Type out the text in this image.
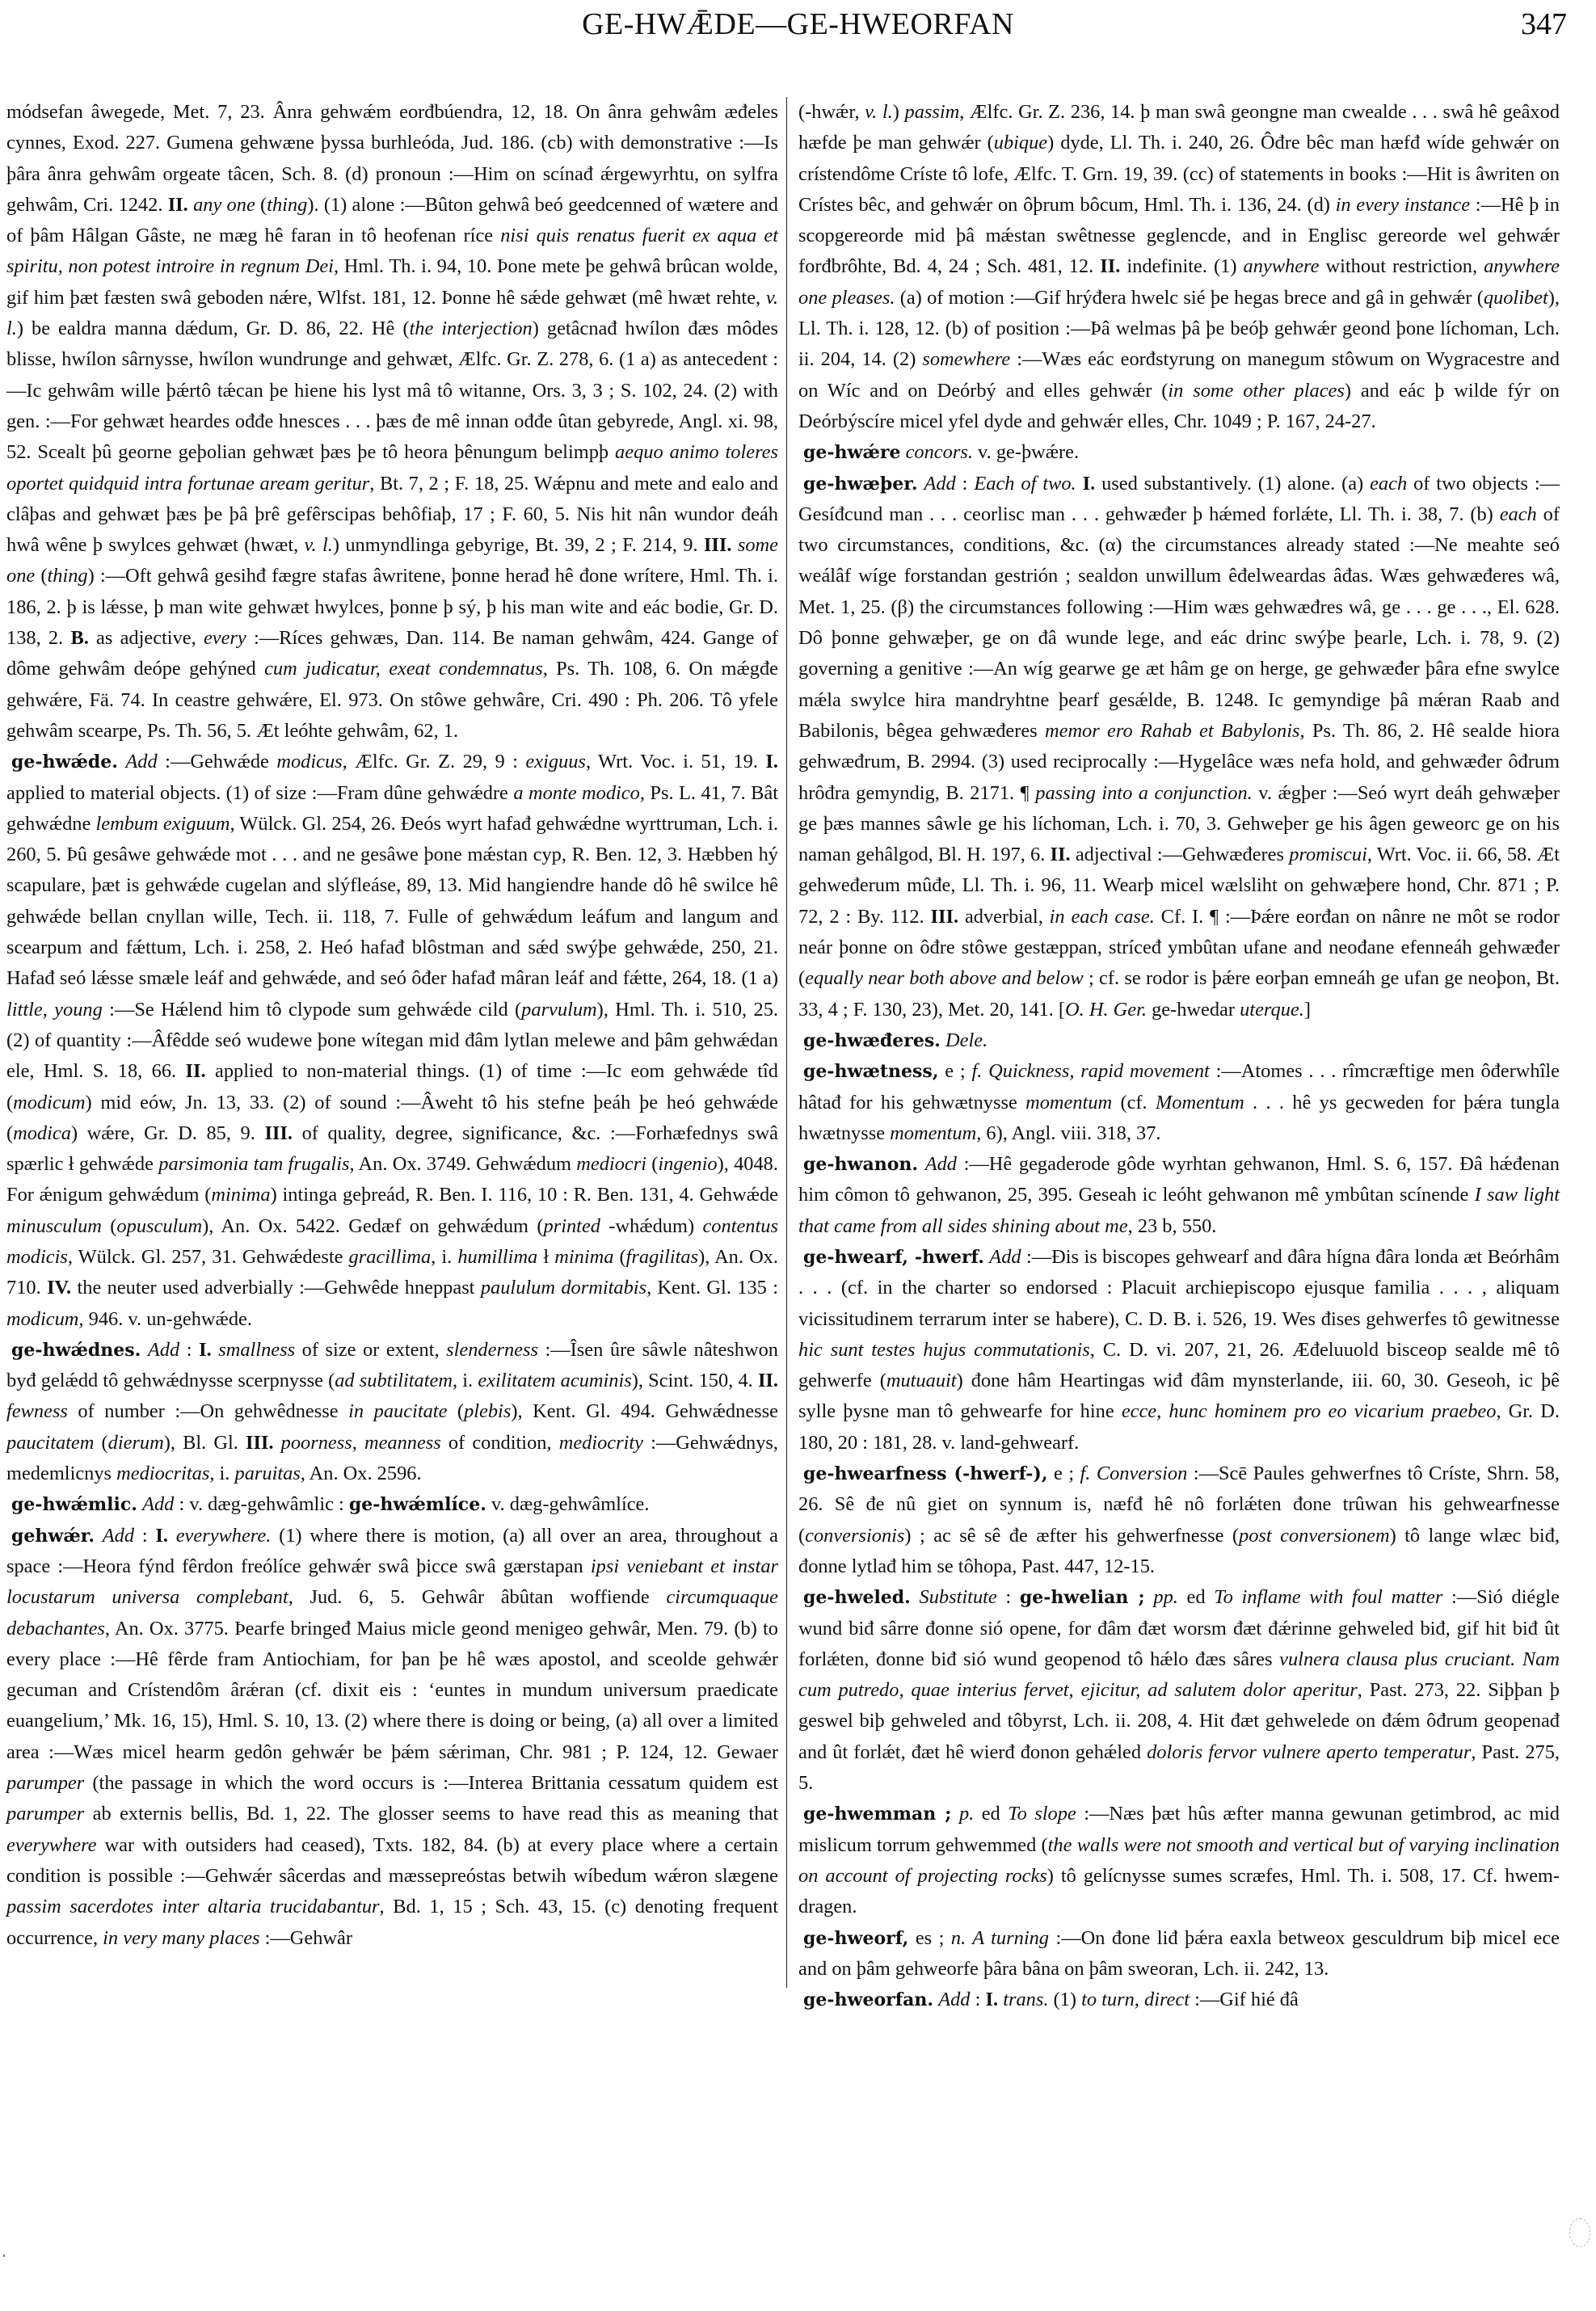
GE-HWǢDE—GE-HWEORFAN	347

módsefan âwegede, Met. 7, 23. Ânra gehwǽm eorđbúendra, 12, 18. On ânra gehwâm æđeles cynnes, Exod. 227. Gumena gehwæne þyssa burhleóda, Jud. 186. (cb) with demonstrative :—Is þâra ânra gehwâm orgeate tâcen, Sch. 8. (d) pronoun :—Him on scínađ ǽrgewyrhtu, on sylfra gehwâm, Cri. 1242. II. any one (thing). (1) alone :—Bûton gehwâ beó geedcenned of wætere and of þâm Hâlgan Gâste, ne mæg hê faran in tô heofenan ríce nisi quis renatus fuerit ex aqua et spiritu, non potest introire in regnum Dei, Hml. Th. i. 94, 10. Þone mete þe gehwâ brûcan wolde, gif him þæt fæsten swâ geboden nǽre, Wlfst. 181, 12. Þonne hê sǽde gehwæt (mê hwæt rehte, v. l.) be ealdra manna dǽdum, Gr. D. 86, 22. Hê (the interjection) getâcnađ hwílon đæs môdes blisse, hwílon sârnysse, hwílon wundrunge and gehwæt, Ælfc. Gr. Z. 278, 6. (1 a) as antecedent :—Ic gehwâm wille þǽrtô tǽcan þe hiene his lyst mâ tô witanne, Ors. 3, 3 ; S. 102, 24. (2) with gen. :—For gehwæt heardes ođđe hnesces . . . þæs đe mê innan ođđe ûtan gebyrede, Angl. xi. 98, 52. Scealt þû georne geþolian gehwæt þæs þe tô heora þênungum belimpþ aequo animo toleres oportet quidquid intra fortunae aream geritur, Bt. 7, 2 ; F. 18, 25. Wǽpnu and mete and ealo and clâþas and gehwæt þæs þe þâ þrê gefêrscipas behôfiaþ, 17 ; F. 60, 5. Nis hit nân wundor đeáh hwâ wêne þ swylces gehwæt (hwæt, v. l.) unmyndlinga gebyrige, Bt. 39, 2 ; F. 214, 9. III. some one (thing) :—Oft gehwâ gesihđ fægre stafas âwritene, þonne herađ hê đone wrítere, Hml. Th. i. 186, 2. þ is lǽsse, þ man wite gehwæt hwylces, þonne þ sý, þ his man wite and eác bodie, Gr. D. 138, 2. B. as adjective, every :—Ríces gehwæs, Dan. 114. Be naman gehwâm, 424. Gange of dôme gehwâm deópe gehýned cum judicatur, exeat condemnatus, Ps. Th. 108, 6. On mǽgđe gehwǽre, Fä. 74. In ceastre gehwǽre, El. 973. On stôwe gehwâre, Cri. 490 : Ph. 206. Tô yfele gehwâm scearpe, Ps. Th. 56, 5. Æt leóhte gehwâm, 62, 1.

ge-hwǽde. Add :—Gehwǽde modicus, Ælfc. Gr. Z. 29, 9 : exiguus, Wrt. Voc. i. 51, 19. I. applied to material objects. (1) of size :—Fram dûne gehwǽdre a monte modico, Ps. L. 41, 7. Bât gehwǽdne lembum exiguum, Wülck. Gl. 254, 26. Đeós wyrt hafađ gehwǽdne wyrttruman, Lch. i. 260, 5. Þû gesâwe gehwǽde mot . . . and ne gesâwe þone mǽstan cyp, R. Ben. 12, 3. Hæbben hý scapulare, þæt is gehwǽde cugelan and slýfleáse, 89, 13. Mid hangiendre hande dô hê swilce hê gehwǽde bellan cnyllan wille, Tech. ii. 118, 7. Fulle of gehwǽdum leáfum and langum and scearpum and fǽttum, Lch. i. 258, 2. Heó hafađ blôstman and sǽd swýþe gehwǽde, 250, 21. Hafađ seó lǽsse smæle leáf and gehwǽde, and seó ôđer hafađ mâran leáf and fǽtte, 264, 18. (1 a) little, young :—Se Hǽlend him tô clypode sum gehwǽde cild (parvulum), Hml. Th. i. 510, 25. (2) of quantity :—Âfêdde seó wudewe þone wítegan mid đâm lytlan melewe and þâm gehwǽdan ele, Hml. S. 18, 66. II. applied to non-material things. (1) of time :—Ic eom gehwǽde tîd (modicum) mid eów, Jn. 13, 33. (2) of sound :—Âweht tô his stefne þeáh þe heó gehwǽde (modica) wǽre, Gr. D. 85, 9. III. of quality, degree, significance, &c. :—Forhæfednys swâ spærlic ł gehwǽde parsimonia tam frugalis, An. Ox. 3749. Gehwǽdum mediocri (ingenio), 4048. For ǽnigum gehwǽdum (minima) intinga geþreád, R. Ben. I. 116, 10 : R. Ben. 131, 4. Gehwǽde minusculum (opusculum), An. Ox. 5422. Gedæf on gehwǽdum (printed -whǽdum) contentus modicis, Wülck. Gl. 257, 31. Gehwǽdeste gracillima, i. humillima ł minima (fragilitas), An. Ox. 710. IV. the neuter used adverbially :—Gehwêde hneppast paululum dormitabis, Kent. Gl. 135 : modicum, 946. v. un-gehwǽde.

ge-hwǽdnes. Add : I. smallness of size or extent, slenderness :—Îsen ûre sâwle nâteshwon byđ gelǽdd tô gehwǽdnysse scerpnysse (ad subtilitatem, i. exilitatem acuminis), Scint. 150, 4. II. fewness of number :—On gehwêdnesse in paucitate (plebis), Kent. Gl. 494. Gehwǽdnesse paucitatem (dierum), Bl. Gl. III. poorness, meanness of condition, mediocrity :—Gehwǽdnys, medemlicnys mediocritas, i. paruitas, An. Ox. 2596.

ge-hwǽmlic. Add : v. dæg-gehwâmlic : ge-hwǽmlíce. v. dæg-gehwâmlíce.

gehwǽr. Add : I. everywhere. (1) where there is motion, (a) all over an area, throughout a space :—Heora fýnd fêrdon freólíce gehwǽr swâ þicce swâ gærstapan ipsi veniebant et instar locustarum universa complebant, Jud. 6, 5. Gehwâr âbûtan woffiende circumquaque debachantes, An. Ox. 3775. Þearfe bringeđ Maius micle geond menigeo gehwâr, Men. 79. (b) to every place :—Hê fêrde fram Antiochiam, for þan þe hê wæs apostol, and sceolde gehwǽr gecuman and Crístendôm ârǽran (cf. dixit eis : ‘euntes in mundum universum praedicate euangelium,’ Mk. 16, 15), Hml. S. 10, 13. (2) where there is doing or being, (a) all over a limited area :—Wæs micel hearm gedôn gehwǽr be þǽm sǽriman, Chr. 981 ; P. 124, 12. Gewaer parumper (the passage in which the word occurs is :—Interea Brittania cessatum quidem est parumper ab externis bellis, Bd. 1, 22. The glosser seems to have read this as meaning that everywhere war with outsiders had ceased), Txts. 182, 84. (b) at every place where a certain condition is possible :—Gehwǽr sâcerdas and mæssepreóstas betwih wíbedum wǽron slægene passim sacerdotes inter altaria trucidabantur, Bd. 1, 15 ; Sch. 43, 15. (c) denoting frequent occurrence, in very many places :—Gehwâr

(-hwǽr, v. l.) passim, Ælfc. Gr. Z. 236, 14. þ man swâ geongne man cwealde . . . swâ hê geâxod hæfde þe man gehwǽr (ubique) dyde, Ll. Th. i. 240, 26. Ôđre bêc man hæfđ wíde gehwǽr on crístendôme Críste tô lofe, Ælfc. T. Grn. 19, 39. (cc) of statements in books :—Hit is âwriten on Crístes bêc, and gehwǽr on ôþrum bôcum, Hml. Th. i. 136, 24. (d) in every instance :—Hê þ in scopgereorde mid þâ mǽstan swêtnesse geglencde, and in Englisc gereorde wel gehwǽr forđbrôhte, Bd. 4, 24 ; Sch. 481, 12. II. indefinite. (1) anywhere without restriction, anywhere one pleases. (a) of motion :—Gif hrýđera hwelc sié þe hegas brece and gâ in gehwǽr (quolibet), Ll. Th. i. 128, 12. (b) of position :—Þâ welmas þâ þe beóþ gehwǽr geond þone líchoman, Lch. ii. 204, 14. (2) somewhere :—Wæs eác eorđstyrung on manegum stôwum on Wygracestre and on Wíc and on Deórbý and elles gehwǽr (in some other places) and eác þ wilde fýr on Deórbýscíre micel yfel dyde and gehwǽr elles, Chr. 1049 ; P. 167, 24-27.

ge-hwǽre concors. v. ge-þwǽre.

ge-hwæþer. Add : Each of two. I. used substantively. (1) alone. (a) each of two objects :—Gesíđcund man . . . ceorlisc man . . . gehwæđer þ hǽmed forlǽte, Ll. Th. i. 38, 7. (b) each of two circumstances, conditions, &c. (α) the circumstances already stated :—Ne meahte seó weálâf wíge forstandan gestrión ; sealdon unwillum êđelweardas âđas. Wæs gehwæđeres wâ, Met. 1, 25. (β) the circumstances following :—Him wæs gehwæđres wâ, ge . . . ge . . ., El. 628. Dô þonne gehwæþer, ge on đâ wunde lege, and eác drinc swýþe þearle, Lch. i. 78, 9. (2) governing a genitive :—An wíg gearwe ge æt hâm ge on herge, ge gehwæđer þâra efne swylce mǽla swylce hira mandryhtne þearf gesǽlde, B. 1248. Ic gemyndige þâ mǽran Raab and Babilonis, bêgea gehwæđeres memor ero Rahab et Babylonis, Ps. Th. 86, 2. Hê sealde hiora gehwæđrum, B. 2994. (3) used reciprocally :—Hygelâce wæs nefa hold, and gehwæđer ôđrum hrôđra gemyndig, B. 2171. ¶ passing into a conjunction. v. ǽgþer :—Seó wyrt deáh gehwæþer ge þæs mannes sâwle ge his líchoman, Lch. i. 70, 3. Gehweþer ge his âgen geweorc ge on his naman gehâlgod, Bl. H. 197, 6. II. adjectival :—Gehwæđeres promiscui, Wrt. Voc. ii. 66, 58. Æt gehweđerum mûđe, Ll. Th. i. 96, 11. Wearþ micel wælsliht on gehwæþere hond, Chr. 871 ; P. 72, 2 : By. 112. III. adverbial, in each case. Cf. I. ¶ :—Þǽre eorđan on nânre ne môt se rodor neár þonne on ôđre stôwe gestæppan, stríceđ ymbûtan ufane and neođane efenneáh gehwæđer (equally near both above and below ; cf. se rodor is þǽre eorþan emneáh ge ufan ge neoþon, Bt. 33, 4 ; F. 130, 23), Met. 20, 141. [O. H. Ger. ge-hwedar uterque.]

ge-hwæđeres. Dele.

ge-hwætness, e ; f. Quickness, rapid movement :—Atomes . . . rîmcræftige men ôđerwhîle hâtađ for his gehwætnysse momentum (cf. Momentum . . . hê ys gecweden for þǽra tungla hwætnysse momentum, 6), Angl. viii. 318, 37.

ge-hwanon. Add :—Hê gegaderode gôde wyrhtan gehwanon, Hml. S. 6, 157. Đâ hǽđenan him cômon tô gehwanon, 25, 395. Geseah ic leóht gehwanon mê ymbûtan scínende I saw light that came from all sides shining about me, 23 b, 550.

ge-hwearf, -hwerf. Add :—Đis is biscopes gehwearf and đâra hígna đâra londa æt Beórhâm . . . (cf. in the charter so endorsed : Placuit archiepiscopo ejusque familia . . . , aliquam vicissitudinem terrarum inter se habere), C. D. B. i. 526, 19. Wes đises gehwerfes tô gewitnesse hic sunt testes hujus commutationis, C. D. vi. 207, 21, 26. Æđeluuold bisceop sealde mê tô gehwerfe (mutuauit) đone hâm Heartingas wiđ đâm mynsterlande, iii. 60, 30. Geseoh, ic þê sylle þysne man tô gehwearfe for hine ecce, hunc hominem pro eo vicarium praebeo, Gr. D. 180, 20 : 181, 28. v. land-gehwearf.

ge-hwearfness (-hwerf-), e ; f. Conversion :—Scē Paules gehwerfnes tô Críste, Shrn. 58, 26. Sê đe nû giet on synnum is, næfđ hê nô forlǽten đone trûwan his gehwearfnesse (conversionis) ; ac sê sê đe æfter his gehwerfnesse (post conversionem) tô lange wlæc biđ, đonne lytlađ him se tôhopa, Past. 447, 12-15.

ge-hweled. Substitute : ge-hwelian ; pp. ed To inflame with foul matter :—Sió diégle wund biđ sârre đonne sió opene, for đâm đæt worsm đæt đǽrinne gehweled biđ, gif hit biđ ût forlǽten, đonne biđ sió wund geopenod tô hǽlo đæs sâres vulnera clausa plus cruciant. Nam cum putredo, quae interius fervet, ejicitur, ad salutem dolor aperitur, Past. 273, 22. Siþþan þ geswel biþ gehweled and tôbyrst, Lch. ii. 208, 4. Hit đæt gehwelede on đǽm ôđrum geopenađ and ût forlǽt, đæt hê wierđ đonon gehǽled doloris fervor vulnere aperto temperatur, Past. 275, 5.

ge-hwemman ; p. ed To slope :—Næs þæt hûs æfter manna gewunan getimbrod, ac mid mislicum torrum gehwemmed (the walls were not smooth and vertical but of varying inclination on account of projecting rocks) tô gelícnysse sumes scræfes, Hml. Th. i. 508, 17. Cf. hwem-dragen.

ge-hweorf, es ; n. A turning :—On đone liđ þǽra eaxla betweox gesculdrum biþ micel ece and on þâm gehweorfe þâra bâna on þâm sweoran, Lch. ii. 242, 13.

ge-hweorfan. Add : I. trans. (1) to turn, direct :—Gif hié đâ
